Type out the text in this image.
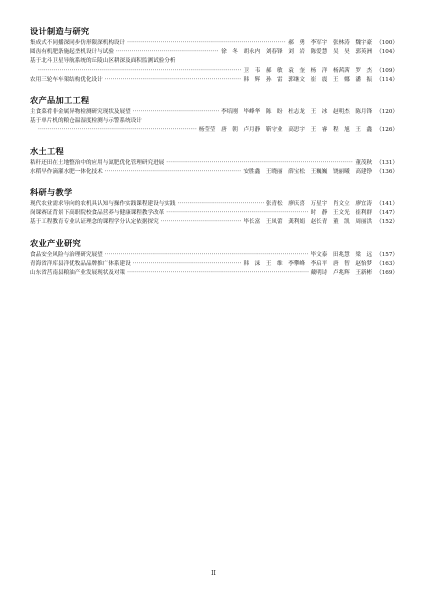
设计制造与研究
集成式不同播深同步仿形限深机构设计 ·····	郝　勇　李军宇　张林涛　魏宇豪 （100）
圆齿有机肥条施起垄机设计与试验 ·····	徐　冬　胡永内　刘春锋　刘　岩　陈爱慧　吴　昊　郭英洲 （104）
基于北斗卫星导航系统的丘陵山区耕深及面积监测试验分析
·····
卫　韦　郝　敏　袁　奎　杨　洋　杨茜茜　罗　杰 （109）
农用三轮车车架结构优化设计 ·····	韩　辉　孙　雷　郭继文　崔　震　王　娜　潘　振 （114）
农产品加工工程
主食菜肴非金属异物检测研究现状及展望 ·····	李培刚　毕峰华　陈　盼　杜志龙　王　冰　赵明杰　陈月锋 （120）
基于单片机的粮仓温湿度检测与示警系统设计
·····
杨莹莹　唐　朝　卢月静　靳守业　高思宇　王　睿　程　旭　王　鑫 （126）
水土工程
秸秆还田在土地整治中的应用与氮肥优化管理研究进展 ·····	董茂秋 （131）
水稻早作滴灌水肥一体化技术 ·····	安胜鑫　王晓丽　薛宝松　王巍巍　饶丽曦　高建铮 （136）
科研与教学
现代农业需求导向的农机具认知与操作实践课程建设与实践 ·····	张青松　廖庆喜　万星宇　肖文立　廖宜涛 （141）
岗课赛证背景下高职院校食品营养与健康课程教学改革 ·····	时　静　王文光　崔利群 （147）
基于工程教育专业认证理念的课程学分认定依据探究 ·····	毕长富　王凤蕾　龚利娟　赵长青　董　凯　周丽洪 （152）
农业产业研究
食品安全风险与治理研究展望 ·····	毕文泰　田兆慧　梁　远 （157）
青海省洋库县洋优牧品品牌推广体系建设 ·····	韩　沫　王　维　李攀峰　李启平　唐　智　赵怡梦 （163）
山东省莒南县粮油产业发展现状及对策 ·····	戴明诗　卢兆辉　王新彬 （169）
II
